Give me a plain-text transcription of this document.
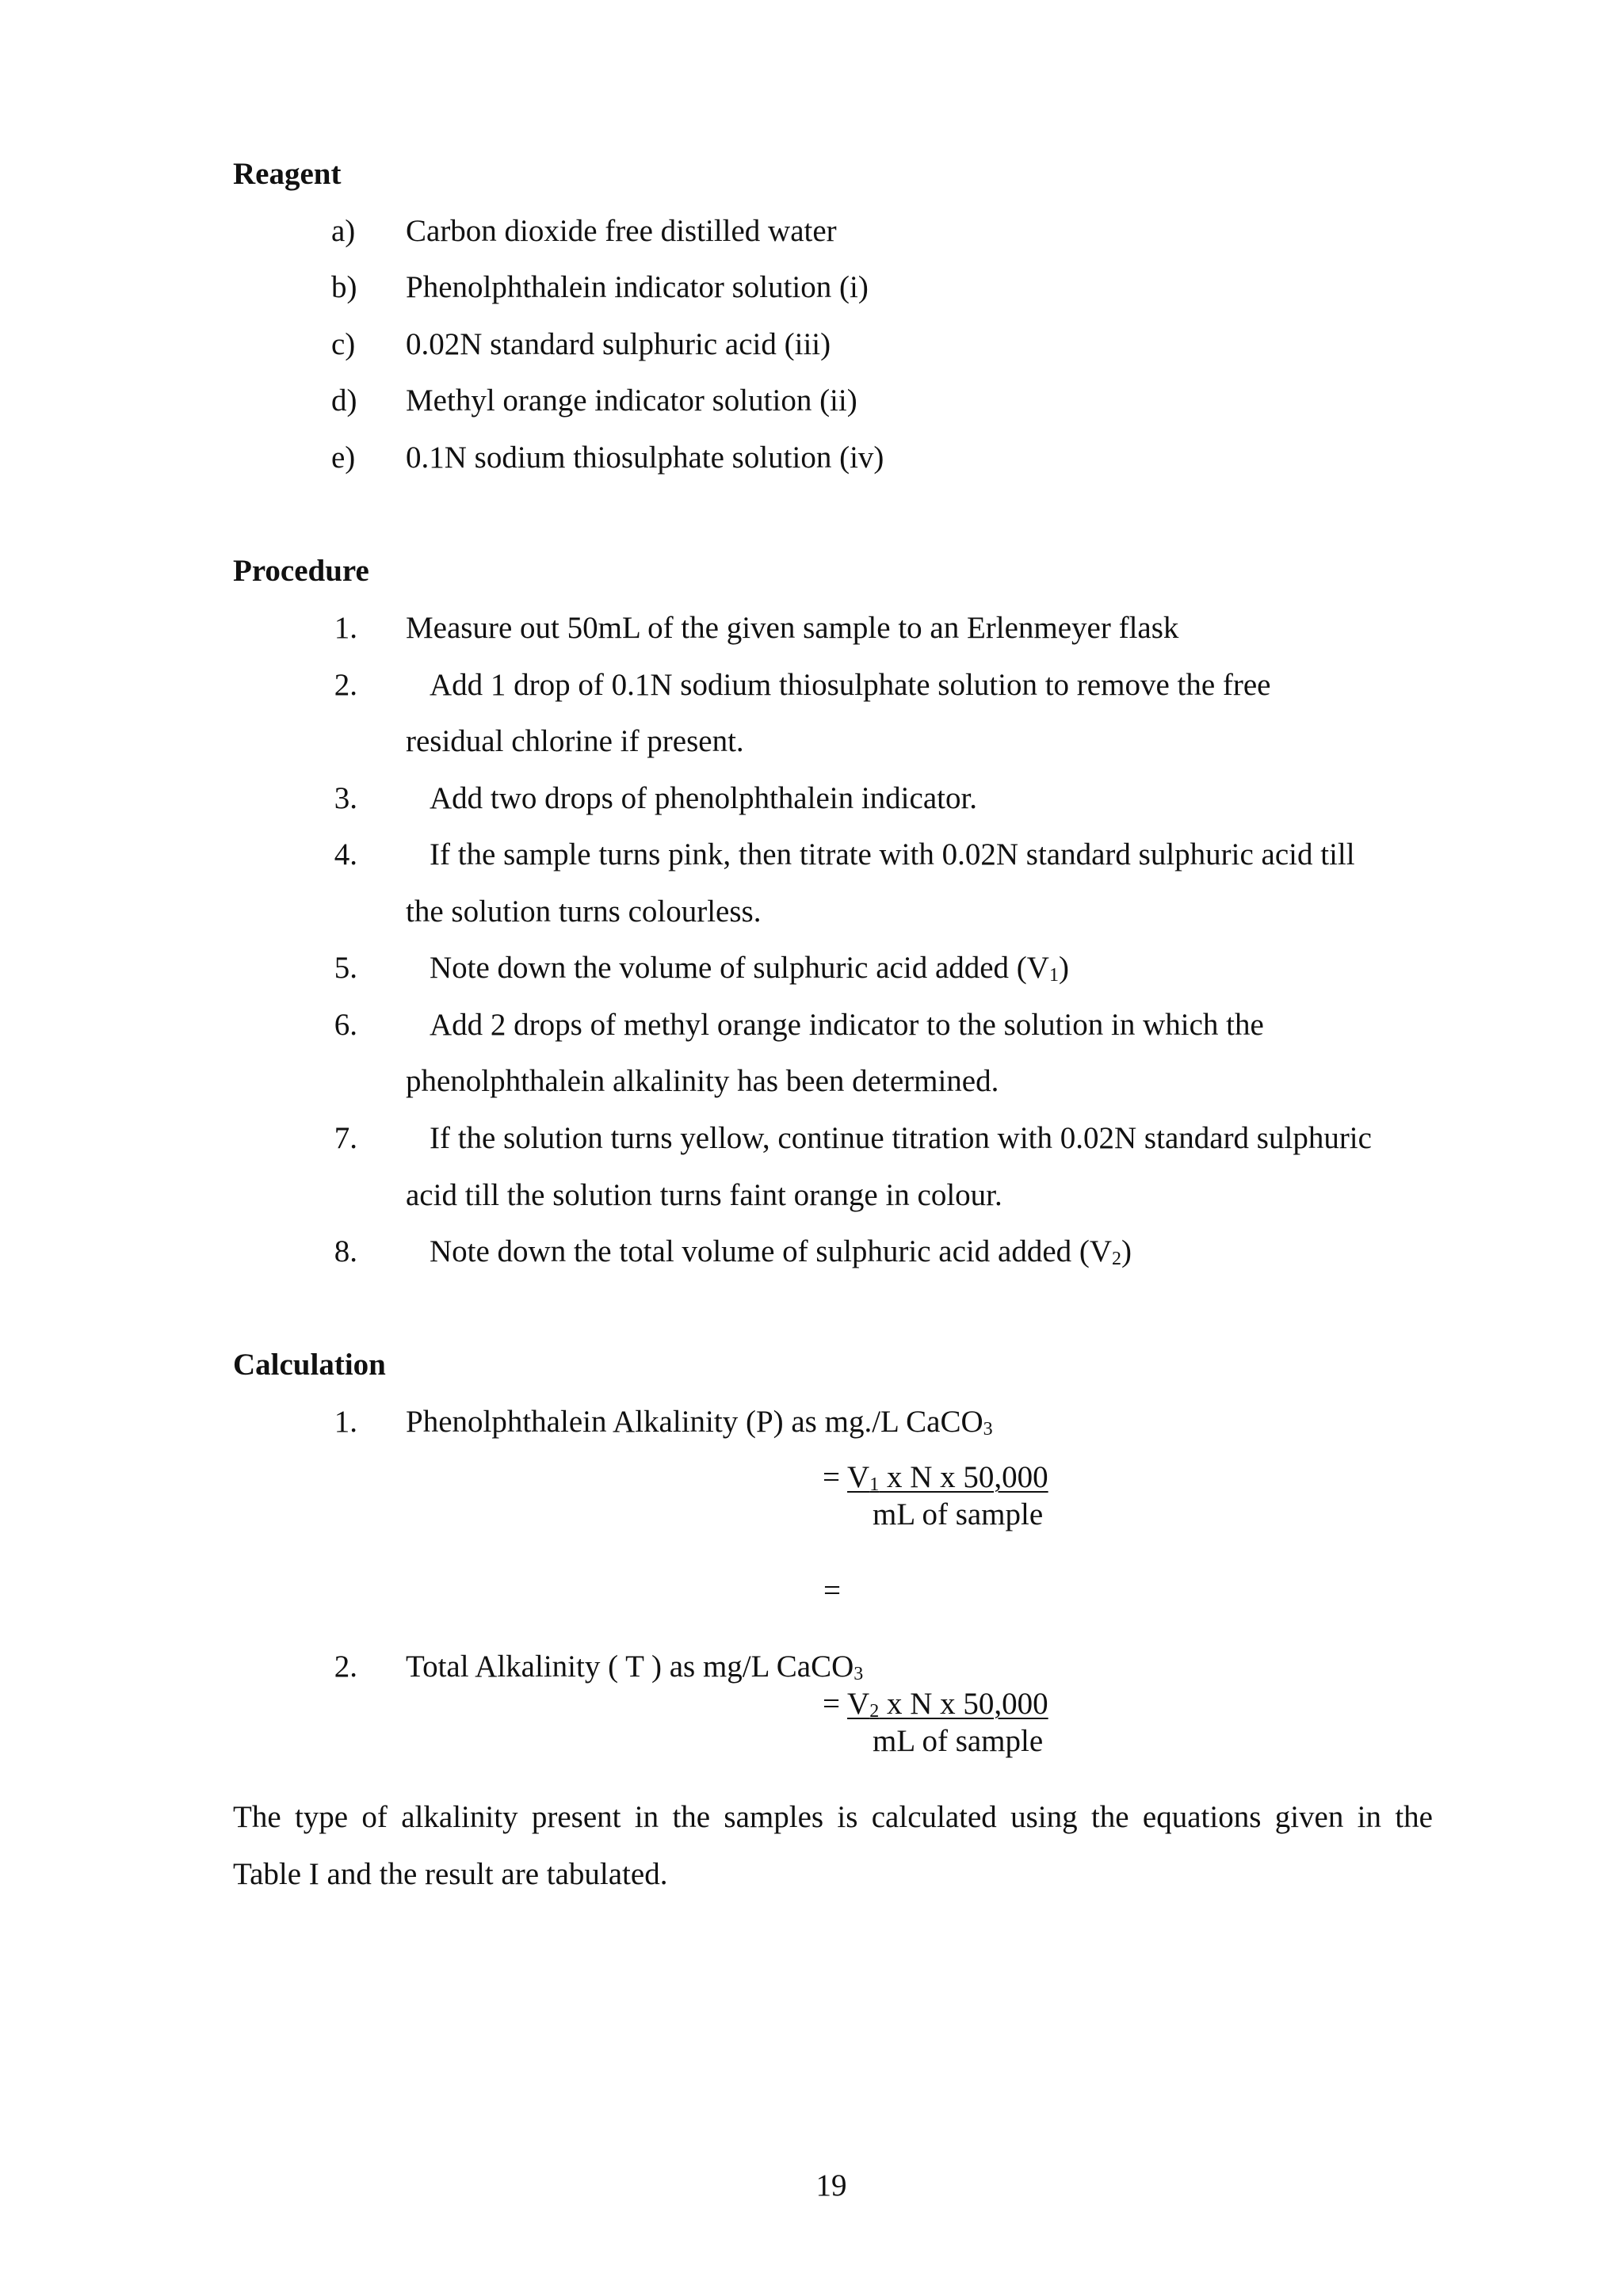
Reagent
a) Carbon dioxide free distilled water
b) Phenolphthalein indicator solution (i)
c) 0.02N standard sulphuric acid (iii)
d) Methyl orange indicator solution (ii)
e) 0.1N sodium thiosulphate solution (iv)
Procedure
1. Measure out 50mL of the given sample to an Erlenmeyer flask
2.	Add 1 drop of 0.1N sodium thiosulphate solution to remove the free
residual chlorine if present.
3.	Add two drops of phenolphthalein indicator.
4.	If the sample turns pink, then titrate with 0.02N standard sulphuric acid till
the solution turns colourless.
5.	Note down the volume of sulphuric acid added (V1)
6.	Add 2 drops of methyl orange indicator to the solution in which the
phenolphthalein alkalinity has been determined.
7.	If the solution turns yellow, continue titration with 0.02N standard sulphuric
acid till the solution turns faint orange in colour.
8.	Note down the total volume of sulphuric acid added (V2)
Calculation
1. Phenolphthalein Alkalinity (P) as mg./L CaCO3
= V1 x N x 50,000
mL of sample
=
2. Total Alkalinity ( T ) as mg/L CaCO3
= V2 x N x 50,000
mL of sample
The type of alkalinity present in the samples is calculated using the equations given in the
Table I and the result are tabulated.
19
